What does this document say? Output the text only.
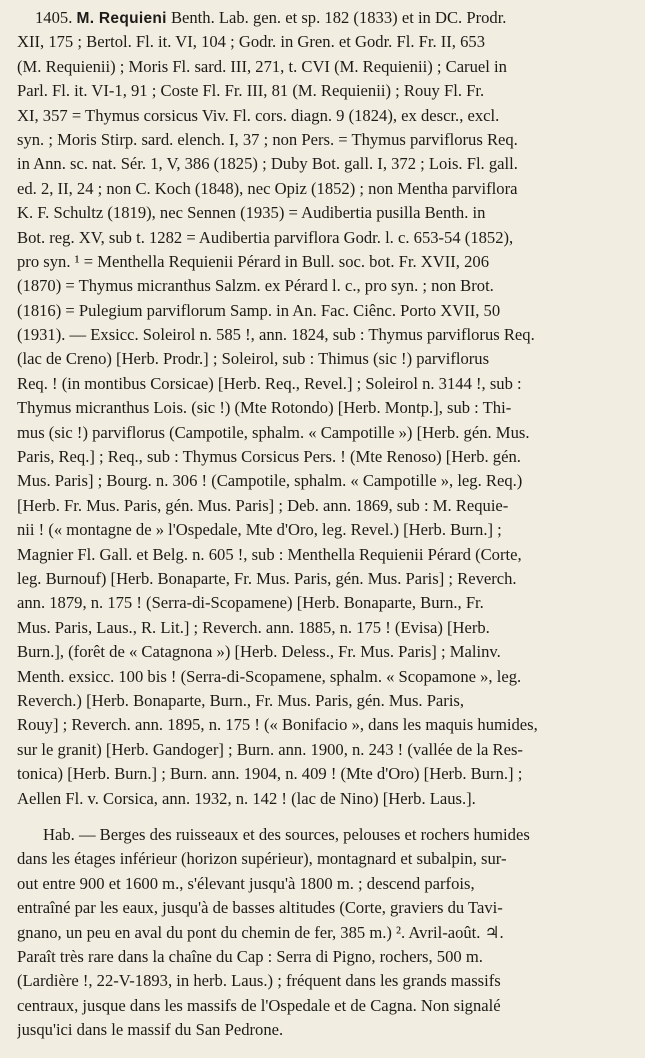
1405. M. Requieni Benth. Lab. gen. et sp. 182 (1833) et in DC. Prodr.
XII, 175 ; Bertol. Fl. it. VI, 104 ; Godr. in Gren. et Godr. Fl. Fr. II, 653
(M. Requienii) ; Moris Fl. sard. III, 271, t. CVI (M. Requienii) ; Caruel in
Parl. Fl. it. VI-1, 91 ; Coste Fl. Fr. III, 81 (M. Requienii) ; Rouy Fl. Fr.
XI, 357 = Thymus corsicus Viv. Fl. cors. diagn. 9 (1824), ex descr., excl.
syn. ; Moris Stirp. sard. elench. I, 37 ; non Pers. = Thymus parviflorus Req.
in Ann. sc. nat. Sér. 1, V, 386 (1825) ; Duby Bot. gall. I, 372 ; Lois. Fl. gall.
ed. 2, II, 24 ; non C. Koch (1848), nec Opiz (1852) ; non Mentha parviflora
K. F. Schultz (1819), nec Sennen (1935) = Audibertia pusilla Benth. in
Bot. reg. XV, sub t. 1282 = Audibertia parviflora Godr. l. c. 653-54 (1852),
pro syn. ¹ = Menthella Requienii Pérard in Bull. soc. bot. Fr. XVII, 206
(1870) = Thymus micranthus Salzm. ex Pérard l. c., pro syn. ; non Brot.
(1816) = Pulegium parviflorum Samp. in An. Fac. Ciênc. Porto XVII, 50
(1931). — Exsicc. Soleirol n. 585 !, ann. 1824, sub : Thymus parviflorus Req.
(lac de Creno) [Herb. Prodr.] ; Soleirol, sub : Thimus (sic !) parviflorus
Req. ! (in montibus Corsicae) [Herb. Req., Revel.] ; Soleirol n. 3144 !, sub :
Thymus micranthus Lois. (sic !) (Mte Rotondo) [Herb. Montp.], sub : Thi-
mus (sic !) parviflorus (Campotile, sphalm. « Campotille ») [Herb. gén. Mus.
Paris, Req.] ; Req., sub : Thymus Corsicus Pers. ! (Mte Renoso) [Herb. gén.
Mus. Paris] ; Bourg. n. 306 ! (Campotile, sphalm. « Campotille », leg. Req.)
[Herb. Fr. Mus. Paris, gén. Mus. Paris] ; Deb. ann. 1869, sub : M. Requie-
nii ! (« montagne de » l'Ospedale, Mte d'Oro, leg. Revel.) [Herb. Burn.] ;
Magnier Fl. Gall. et Belg. n. 605 !, sub : Menthella Requienii Pérard (Corte,
leg. Burnouf) [Herb. Bonaparte, Fr. Mus. Paris, gén. Mus. Paris] ; Reverch.
ann. 1879, n. 175 ! (Serra-di-Scopamene) [Herb. Bonaparte, Burn., Fr.
Mus. Paris, Laus., R. Lit.] ; Reverch. ann. 1885, n. 175 ! (Evisa) [Herb.
Burn.], (forêt de « Catagnona ») [Herb. Deless., Fr. Mus. Paris] ; Malinv.
Menth. exsicc. 100 bis ! (Serra-di-Scopamene, sphalm. « Scopamone », leg.
Reverch.) [Herb. Bonaparte, Burn., Fr. Mus. Paris, gén. Mus. Paris,
Rouy] ; Reverch. ann. 1895, n. 175 ! (« Bonifacio », dans les maquis humides,
sur le granit) [Herb. Gandoger] ; Burn. ann. 1900, n. 243 ! (vallée de la Res-
tonica) [Herb. Burn.] ; Burn. ann. 1904, n. 409 ! (Mte d'Oro) [Herb. Burn.] ;
Aellen Fl. v. Corsica, ann. 1932, n. 142 ! (lac de Nino) [Herb. Laus.].
Hab. — Berges des ruisseaux et des sources, pelouses et rochers humides
dans les étages inférieur (horizon supérieur), montagnard et subalpin, sur-
out entre 900 et 1600 m., s'élevant jusqu'à 1800 m. ; descend parfois,
entraîné par les eaux, jusqu'à de basses altitudes (Corte, graviers du Tavi-
gnano, un peu en aval du pont du chemin de fer, 385 m.) ². Avril-août. ♃.
Paraît très rare dans la chaîne du Cap : Serra di Pigno, rochers, 500 m.
(Lardière !, 22-V-1893, in herb. Laus.) ; fréquent dans les grands massifs
centraux, jusque dans les massifs de l'Ospedale et de Cagna. Non signalé
jusqu'ici dans le massif du San Pedrone.
